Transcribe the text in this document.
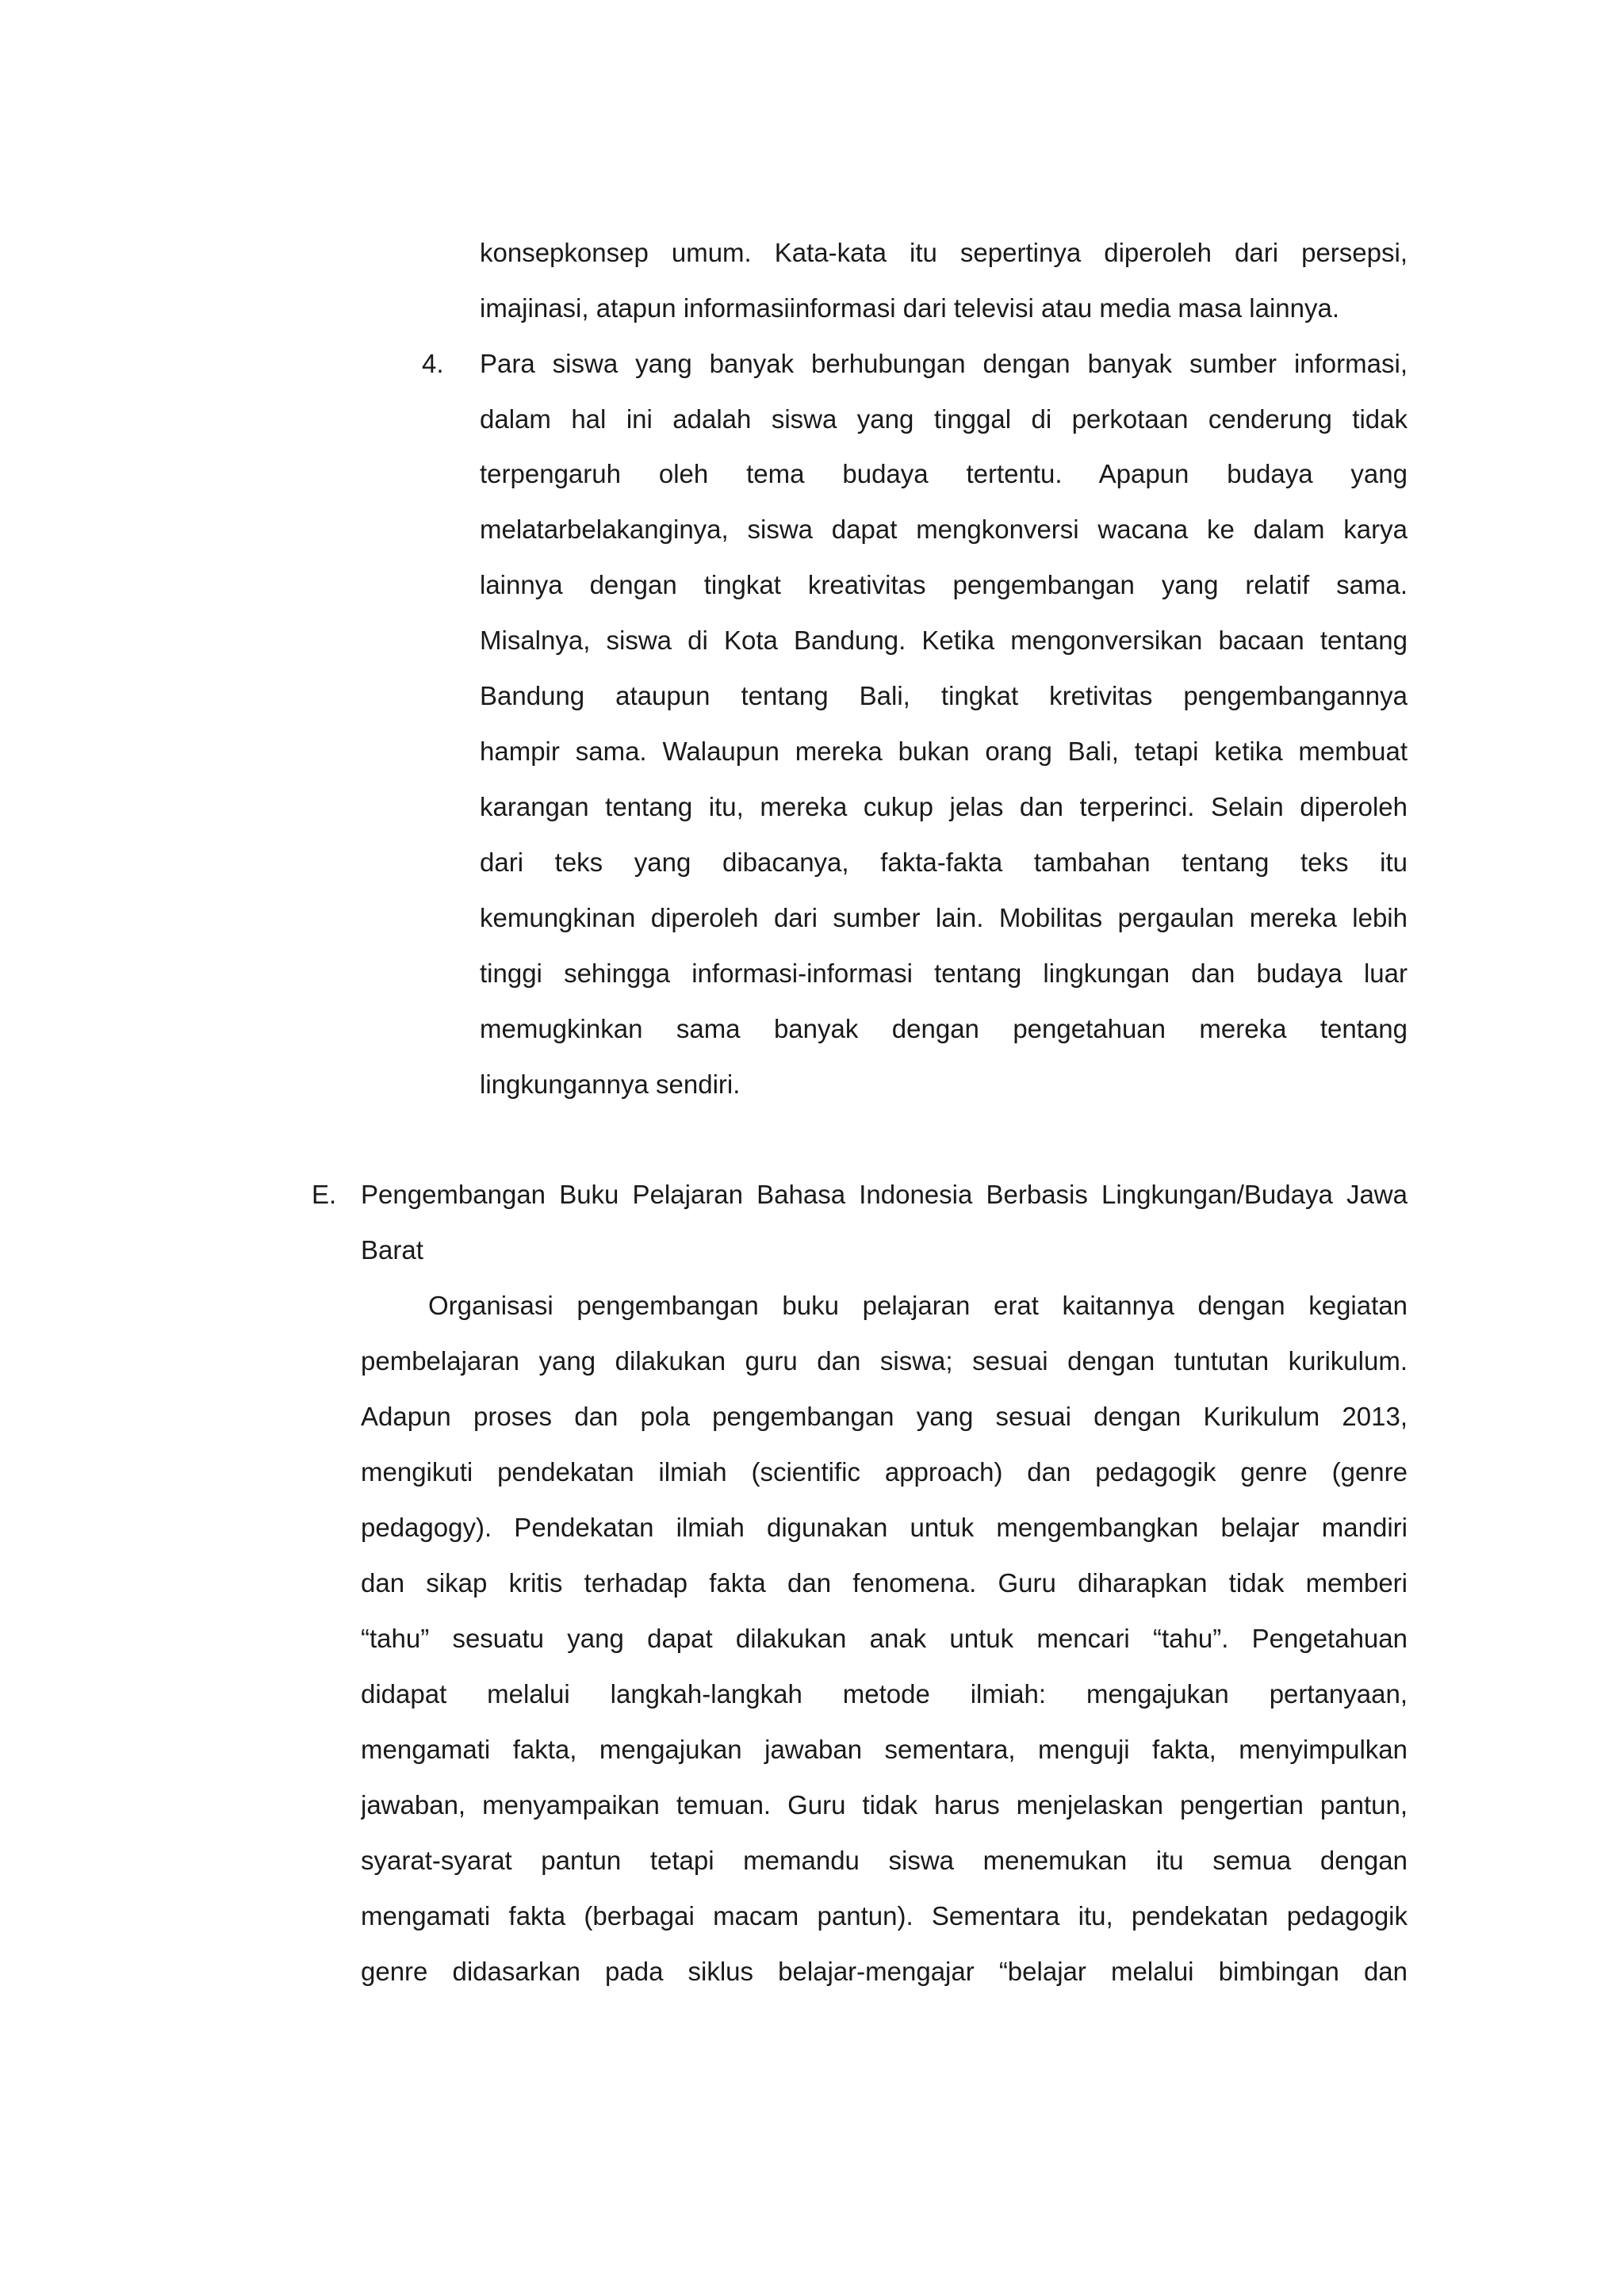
konsepkonsep umum. Kata-kata itu sepertinya diperoleh dari persepsi,
imajinasi, atapun informasiinformasi dari televisi atau media masa lainnya.
4. Para siswa yang banyak berhubungan dengan banyak sumber informasi,
dalam hal ini adalah siswa yang tinggal di perkotaan cenderung tidak
terpengaruh oleh tema budaya tertentu. Apapun budaya yang
melatarbelakanginya, siswa dapat mengkonversi wacana ke dalam karya
lainnya dengan tingkat kreativitas pengembangan yang relatif sama.
Misalnya, siswa di Kota Bandung. Ketika mengonversikan bacaan tentang
Bandung ataupun tentang Bali, tingkat kretivitas pengembangannya
hampir sama. Walaupun mereka bukan orang Bali, tetapi ketika membuat
karangan tentang itu, mereka cukup jelas dan terperinci. Selain diperoleh
dari teks yang dibacanya, fakta-fakta tambahan tentang teks itu
kemungkinan diperoleh dari sumber lain. Mobilitas pergaulan mereka lebih
tinggi sehingga informasi-informasi tentang lingkungan dan budaya luar
memugkinkan sama banyak dengan pengetahuan mereka tentang
lingkungannya sendiri.
E. Pengembangan Buku Pelajaran Bahasa Indonesia Berbasis Lingkungan/Budaya Jawa
Barat
Organisasi pengembangan buku pelajaran erat kaitannya dengan kegiatan
pembelajaran yang dilakukan guru dan siswa; sesuai dengan tuntutan kurikulum.
Adapun proses dan pola pengembangan yang sesuai dengan Kurikulum 2013,
mengikuti pendekatan ilmiah (scientific approach) dan pedagogik genre (genre
pedagogy). Pendekatan ilmiah digunakan untuk mengembangkan belajar mandiri
dan sikap kritis terhadap fakta dan fenomena. Guru diharapkan tidak memberi
“tahu” sesuatu yang dapat dilakukan anak untuk mencari “tahu”. Pengetahuan
didapat melalui langkah-langkah metode ilmiah: mengajukan pertanyaan,
mengamati fakta, mengajukan jawaban sementara, menguji fakta, menyimpulkan
jawaban, menyampaikan temuan. Guru tidak harus menjelaskan pengertian pantun,
syarat-syarat pantun tetapi memandu siswa menemukan itu semua dengan
mengamati fakta (berbagai macam pantun). Sementara itu, pendekatan pedagogik
genre didasarkan pada siklus belajar-mengajar “belajar melalui bimbingan dan
